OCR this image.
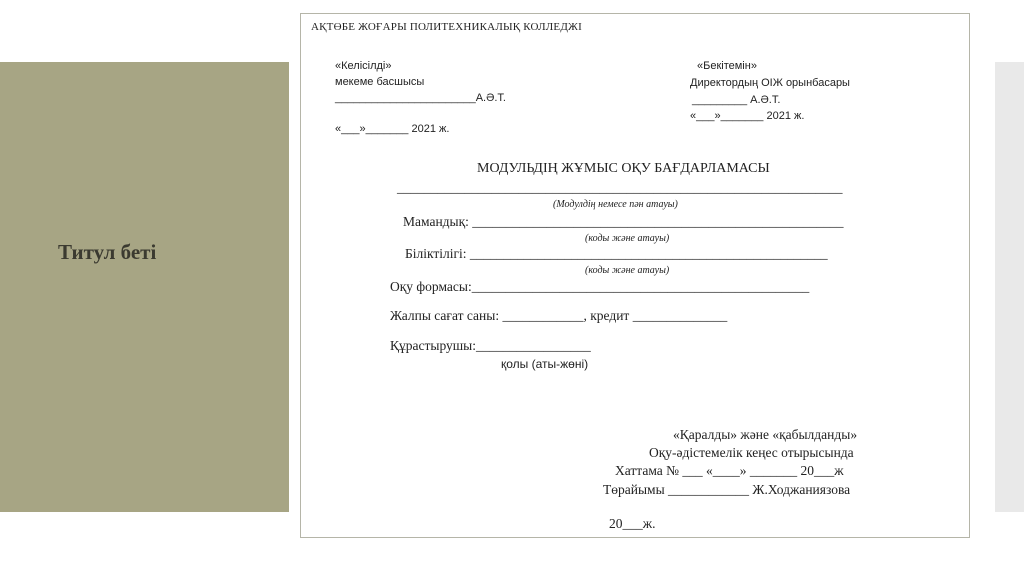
Титул беті
АҚТӨБЕ ЖОҒАРЫ ПОЛИТЕХНИКАЛЫҚ КОЛЛЕДЖІ
«Келісілді»
мекеме басшысы
_______________________А.Ә.Т.
«___»_______ 2021 ж.
«Бекітемін»
Директордың ОІЖ орынбасары
_________ А.Ә.Т.
«___»_______ 2021 ж.
МОДУЛЬДІҢ ЖҰМЫС ОҚУ БАҒДАРЛАМАСЫ
__________________________________________________________________
(Модулдің немесе пән атауы)
Мамандық: _______________________________________________________
(коды және атауы)
Біліктілігі: _____________________________________________________
(коды және атауы)
Оқу формасы:__________________________________________________
Жалпы сағат саны: ____________, кредит ______________
Құрастырушы:_________________
қолы (аты-жөні)
«Қаралды» және «қабылданды»
Оқу-әдістемелік кеңес отырысында
Хаттама № ___ «____» _______ 20___ж
Төрайымы ____________ Ж.Ходжаниязова
20___ж.
